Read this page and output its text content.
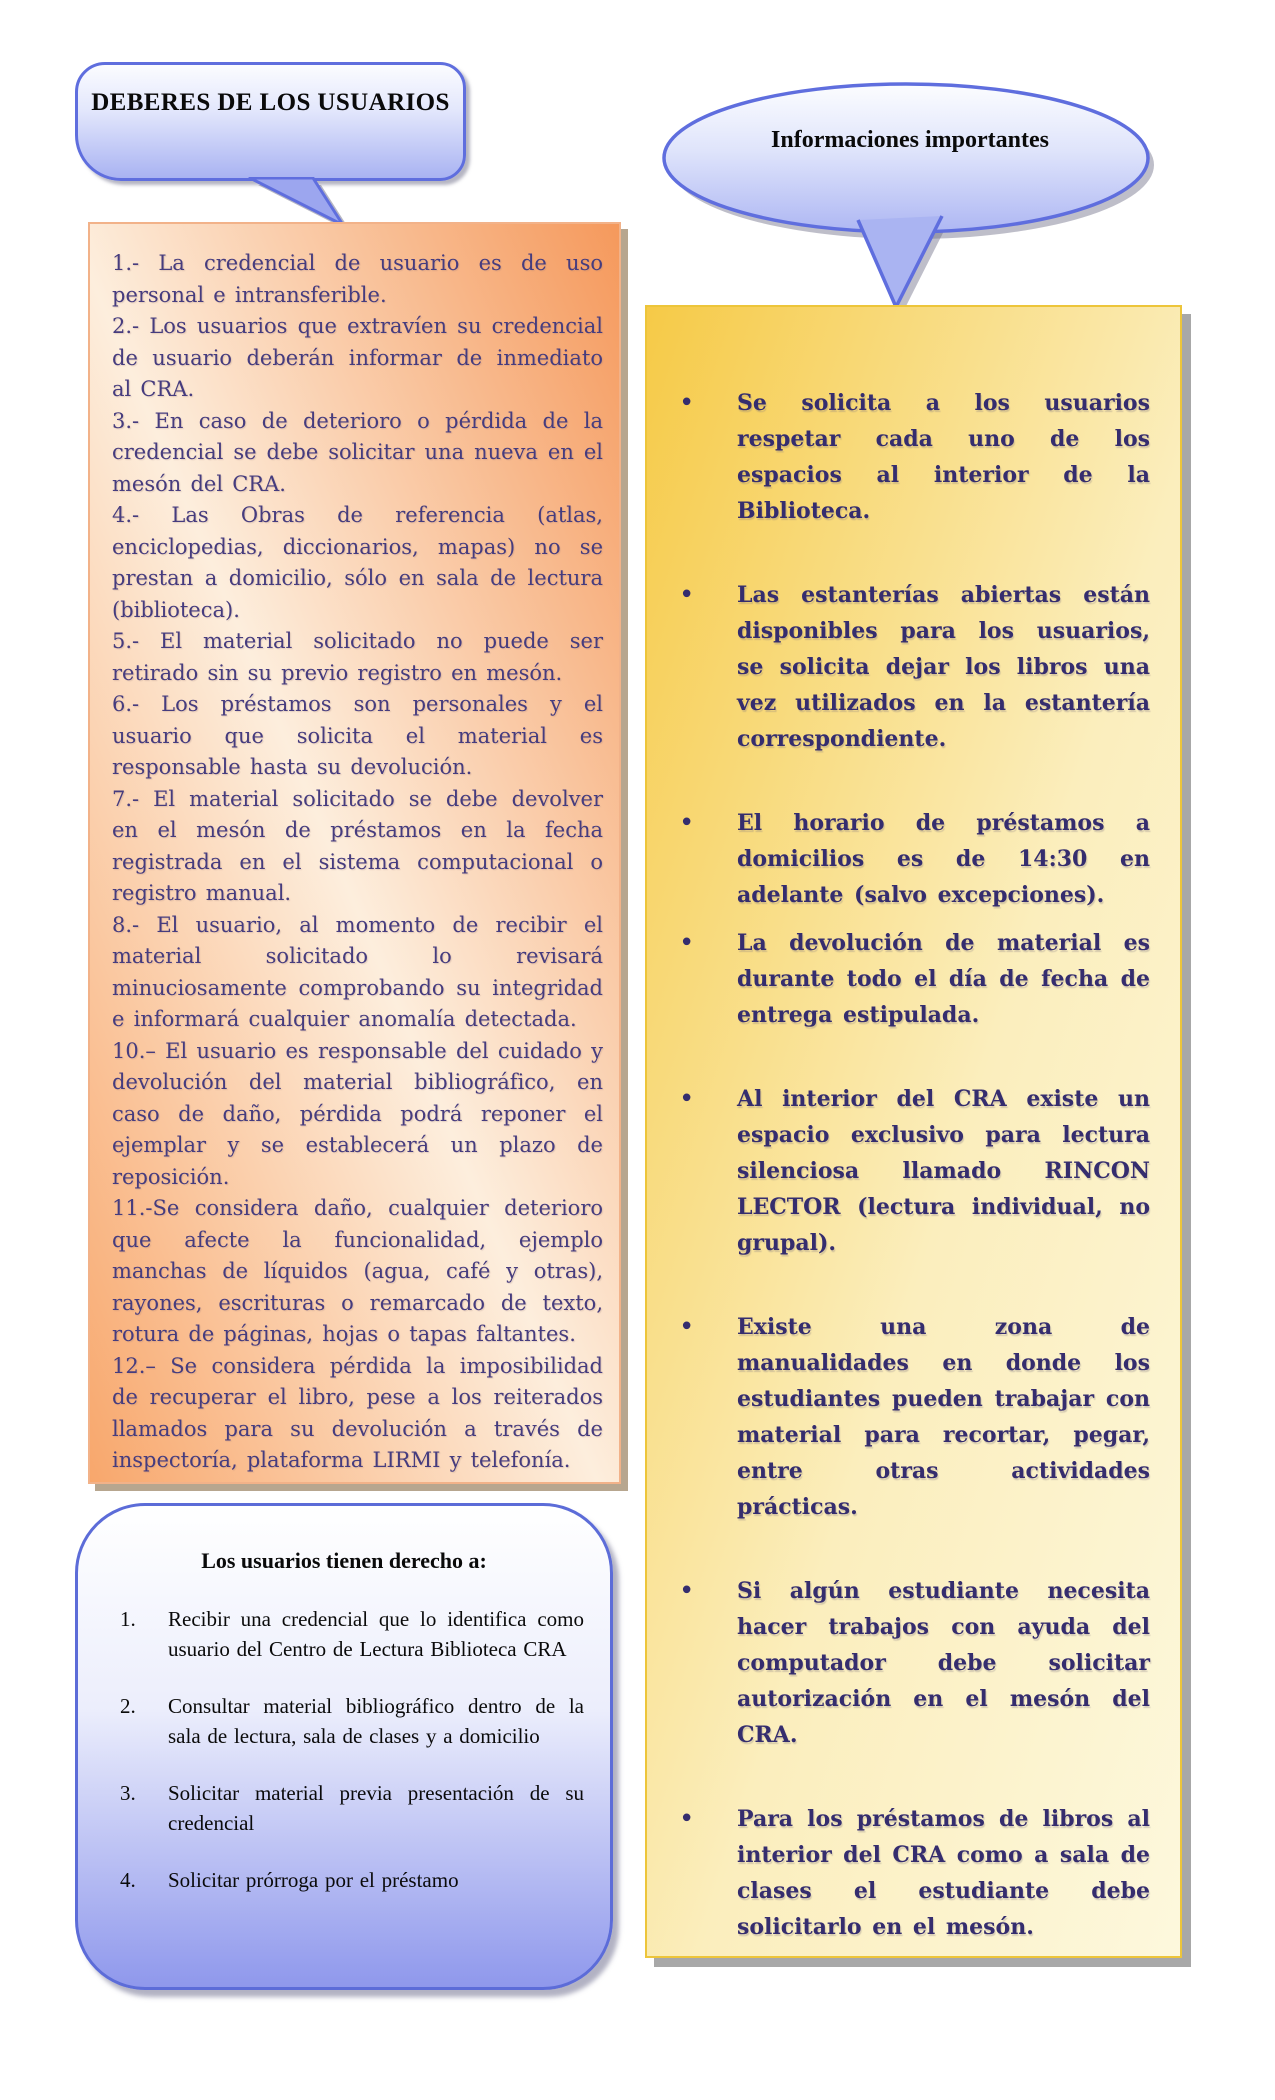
DEBERES DE LOS USUARIOS

Informaciones importantes

1.- La credencial de usuario es de uso personal e intransferible.

2.- Los usuarios que extravíen su credencial de usuario deberán informar de inmediato al CRA.

3.- En caso de deterioro o pérdida de la credencial se debe solicitar una nueva en el mesón del CRA.

4.- Las Obras de referencia (atlas, enciclopedias, diccionarios, mapas) no se prestan a domicilio, sólo en sala de lectura (biblioteca).

5.- El material solicitado no puede ser retirado sin su previo registro en mesón.

6.- Los préstamos son personales y el usuario que solicita el material es responsable hasta su devolución.

7.- El material solicitado se debe devolver en el mesón de préstamos en la fecha registrada en el sistema computacional o registro manual.

8.- El usuario, al momento de recibir el material solicitado lo revisará minuciosamente comprobando su integridad e informará cualquier anomalía detectada.

10.– El usuario es responsable del cuidado y devolución del material bibliográfico, en caso de daño, pérdida podrá reponer el ejemplar y se establecerá un plazo de reposición.

11.-Se considera daño, cualquier deterioro que afecte la funcionalidad, ejemplo manchas de líquidos (agua, café y otras), rayones, escrituras o remarcado de texto, rotura de páginas, hojas o tapas faltantes.

12.– Se considera pérdida la imposibilidad de recuperar el libro, pese a los reiterados llamados para su devolución a través de inspectoría, plataforma LIRMI y telefonía.

Los usuarios tienen derecho a:

1.	Recibir una credencial que lo identifica como usuario del Centro de Lectura Biblioteca CRA

2.	Consultar material bibliográfico dentro de la sala de lectura, sala de clases y a domicilio

3.	Solicitar material previa presentación de su credencial

4.	Solicitar prórroga por el préstamo

•	Se solicita a los usuarios respetar cada uno de los espacios al interior de la Biblioteca.

•	Las estanterías abiertas están disponibles para los usuarios, se solicita dejar los libros una vez utilizados en la estantería correspondiente.

•	El horario de préstamos a domicilios es de 14:30 en adelante (salvo excepciones).

•	La devolución de material es durante todo el día de fecha de entrega estipulada.

•	Al interior del CRA existe un espacio exclusivo para lectura silenciosa llamado RINCON LECTOR (lectura individual, no grupal).

•	Existe una zona de manualidades en donde los estudiantes pueden trabajar con material para recortar, pegar, entre otras actividades prácticas.

•	Si algún estudiante necesita hacer trabajos con ayuda del computador debe solicitar autorización en el mesón del CRA.

•	Para los préstamos de libros al interior del CRA como a sala de clases el estudiante debe solicitarlo en el mesón.
